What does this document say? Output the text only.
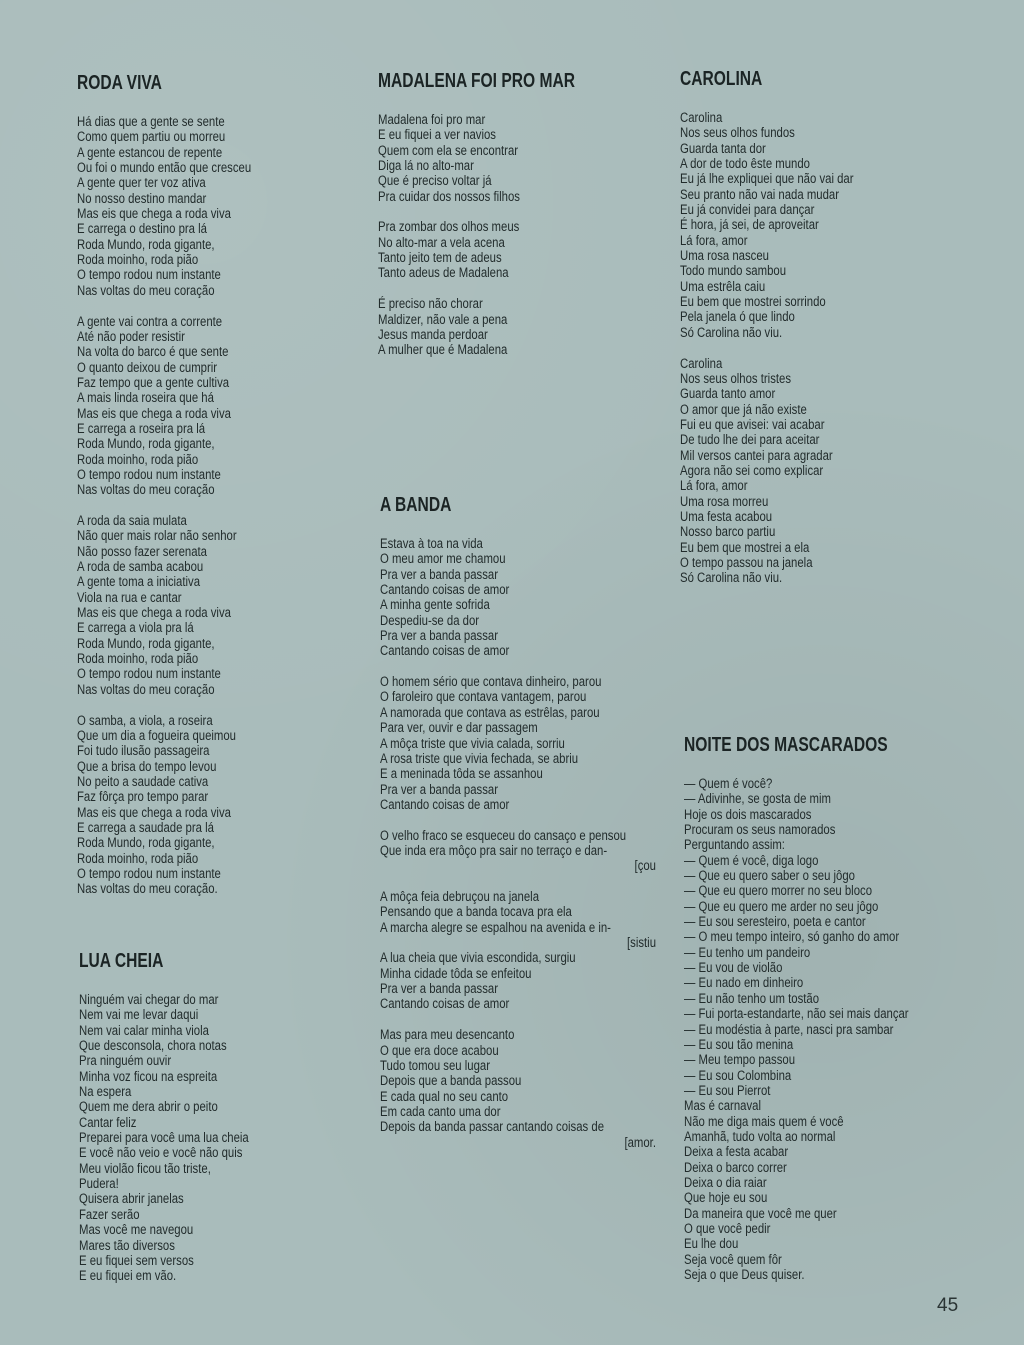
RODA VIVA
Há dias que a gente se sente
Como quem partiu ou morreu
A gente estancou de repente
Ou foi o mundo então que cresceu
A gente quer ter voz ativa
No nosso destino mandar
Mas eis que chega a roda viva
E carrega o destino pra lá
Roda Mundo, roda gigante,
Roda moinho, roda pião
O tempo rodou num instante
Nas voltas do meu coração
A gente vai contra a corrente
Até não poder resistir
Na volta do barco é que sente
O quanto deixou de cumprir
Faz tempo que a gente cultiva
A mais linda roseira que há
Mas eis que chega a roda viva
E carrega a roseira pra lá
Roda Mundo, roda gigante,
Roda moinho, roda pião
O tempo rodou num instante
Nas voltas do meu coração
A roda da saia mulata
Não quer mais rolar não senhor
Não posso fazer serenata
A roda de samba acabou
A gente toma a iniciativa
Viola na rua e cantar
Mas eis que chega a roda viva
E carrega a viola pra lá
Roda Mundo, roda gigante,
Roda moinho, roda pião
O tempo rodou num instante
Nas voltas do meu coração
O samba, a viola, a roseira
Que um dia a fogueira queimou
Foi tudo ilusão passageira
Que a brisa do tempo levou
No peito a saudade cativa
Faz fôrça pro tempo parar
Mas eis que chega a roda viva
E carrega a saudade pra lá
Roda Mundo, roda gigante,
Roda moinho, roda pião
O tempo rodou num instante
Nas voltas do meu coração.
LUA CHEIA
Ninguém vai chegar do mar
Nem vai me levar daqui
Nem vai calar minha viola
Que desconsola, chora notas
Pra ninguém ouvir
Minha voz ficou na espreita
Na espera
Quem me dera abrir o peito
Cantar feliz
Preparei para você uma lua cheia
E você não veio e você não quis
Meu violão ficou tão triste,
Pudera!
Quisera abrir janelas
Fazer serão
Mas você me navegou
Mares tão diversos
E eu fiquei sem versos
E eu fiquei em vão.
MADALENA FOI PRO MAR
Madalena foi pro mar
E eu fiquei a ver navios
Quem com ela se encontrar
Diga lá no alto-mar
Que é preciso voltar já
Pra cuidar dos nossos filhos
Pra zombar dos olhos meus
No alto-mar a vela acena
Tanto jeito tem de adeus
Tanto adeus de Madalena
É preciso não chorar
Maldizer, não vale a pena
Jesus manda perdoar
A mulher que é Madalena
A BANDA
Estava à toa na vida
O meu amor me chamou
Pra ver a banda passar
Cantando coisas de amor
A minha gente sofrida
Despediu-se da dor
Pra ver a banda passar
Cantando coisas de amor
O homem sério que contava dinheiro, parou
O faroleiro que contava vantagem, parou
A namorada que contava as estrêlas, parou
Para ver, ouvir e dar passagem
A môça triste que vivia calada, sorriu
A rosa triste que vivia fechada, se abriu
E a meninada tôda se assanhou
Pra ver a banda passar
Cantando coisas de amor
O velho fraco se esqueceu do cansaço e pensou
Que inda era môço pra sair no terraço e dan-
[çou
A môça feia debruçou na janela
Pensando que a banda tocava pra ela
A marcha alegre se espalhou na avenida e in-
[sistiu
A lua cheia que vivia escondida, surgiu
Minha cidade tôda se enfeitou
Pra ver a banda passar
Cantando coisas de amor
Mas para meu desencanto
O que era doce acabou
Tudo tomou seu lugar
Depois que a banda passou
E cada qual no seu canto
Em cada canto uma dor
Depois da banda passar cantando coisas de
[amor.
CAROLINA
Carolina
Nos seus olhos fundos
Guarda tanta dor
A dor de todo êste mundo
Eu já lhe expliquei que não vai dar
Seu pranto não vai nada mudar
Eu já convidei para dançar
É hora, já sei, de aproveitar
Lá fora, amor
Uma rosa nasceu
Todo mundo sambou
Uma estrêla caiu
Eu bem que mostrei sorrindo
Pela janela ó que lindo
Só Carolina não viu.
Carolina
Nos seus olhos tristes
Guarda tanto amor
O amor que já não existe
Fui eu que avisei: vai acabar
De tudo lhe dei para aceitar
Mil versos cantei para agradar
Agora não sei como explicar
Lá fora, amor
Uma rosa morreu
Uma festa acabou
Nosso barco partiu
Eu bem que mostrei a ela
O tempo passou na janela
Só Carolina não viu.
NOITE DOS MASCARADOS
— Quem é você?
— Adivinhe, se gosta de mim
Hoje os dois mascarados
Procuram os seus namorados
Perguntando assim:
— Quem é você, diga logo
— Que eu quero saber o seu jôgo
— Que eu quero morrer no seu bloco
— Que eu quero me arder no seu jôgo
— Eu sou seresteiro, poeta e cantor
— O meu tempo inteiro, só ganho do amor
— Eu tenho um pandeiro
— Eu vou de violão
— Eu nado em dinheiro
— Eu não tenho um tostão
— Fui porta-estandarte, não sei mais dançar
— Eu modéstia à parte, nasci pra sambar
— Eu sou tão menina
— Meu tempo passou
— Eu sou Colombina
— Eu sou Pierrot
Mas é carnaval
Não me diga mais quem é você
Amanhã, tudo volta ao normal
Deixa a festa acabar
Deixa o barco correr
Deixa o dia raiar
Que hoje eu sou
Da maneira que você me quer
O que você pedir
Eu lhe dou
Seja você quem fôr
Seja o que Deus quiser.
45
